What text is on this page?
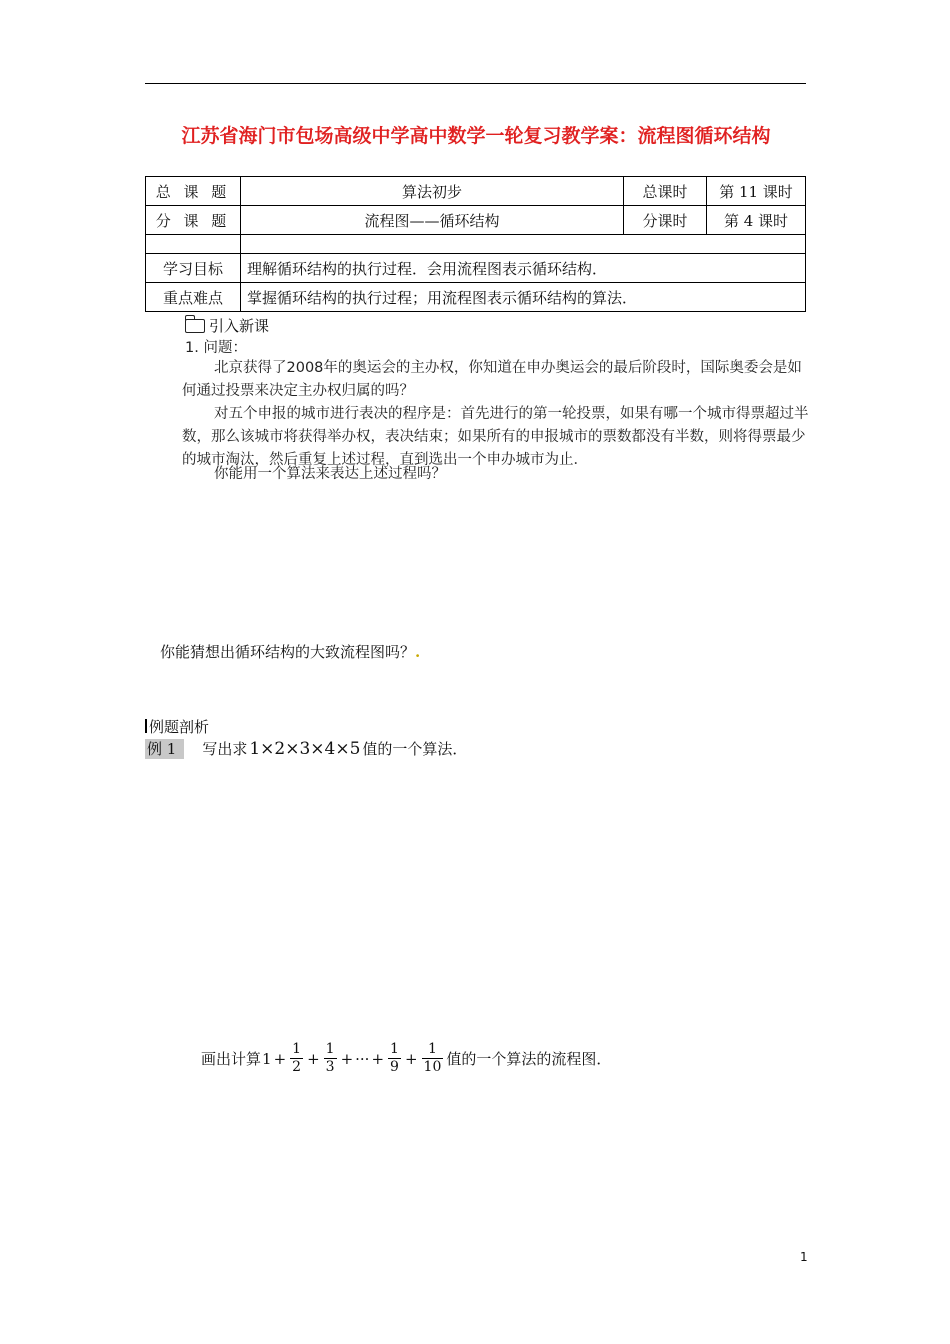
江苏省海门市包场高级中学高中数学一轮复习教学案：流程图循环结构
总 课 题	算法初步	总课时	第 11 课时
分 课 题	流程图——循环结构	分课时	第 4 课时

学习目标	理解循环结构的执行过程．会用流程图表示循环结构．		
重点难点	掌握循环结构的执行过程；用流程图表示循环结构的算法．		
引入新课
1. 问题：
北京获得了2008年的奥运会的主办权，你知道在申办奥运会的最后阶段时，国际奥委会是如何通过投票来决定主办权归属的吗？
对五个申报的城市进行表决的程序是：首先进行的第一轮投票，如果有哪一个城市得票超过半数，那么该城市将获得举办权，表决结束；如果所有的申报城市的票数都没有半数，则将得票最少的城市淘汰，然后重复上述过程，直到选出一个申办城市为止．
你能用一个算法来表达上述过程吗？
你能猜想出循环结构的大致流程图吗？.
例题剖析
例 1	写出求 1×2×3×4×5 值的一个算法．
画出计算 $1 + \frac{1}{2} + \frac{1}{3}$ + ··· + $\frac{1}{9} + \frac{1}{10}$ 值的一个算法的流程图．
1
